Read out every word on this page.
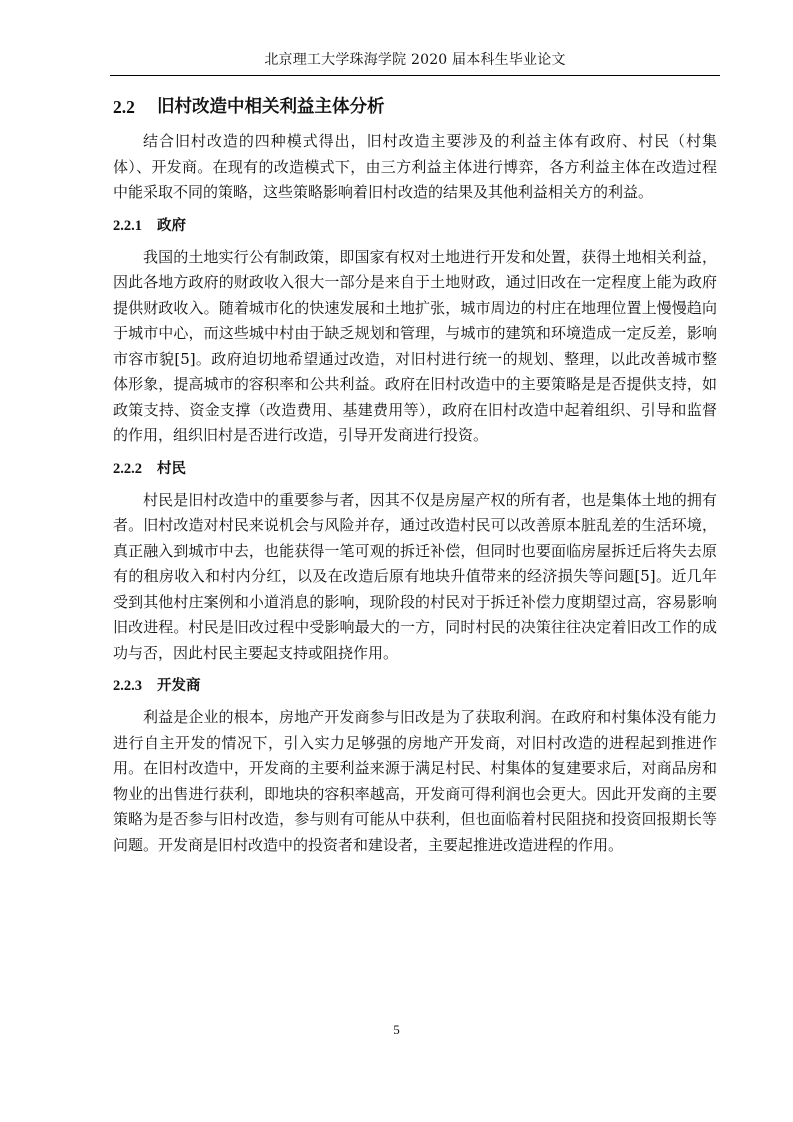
北京理工大学珠海学院 2020 届本科生毕业论文
2.2	旧村改造中相关利益主体分析

结合旧村改造的四种模式得出，旧村改造主要涉及的利益主体有政府、村民（村集体）、开发商。在现有的改造模式下，由三方利益主体进行博弈，各方利益主体在改造过程中能采取不同的策略，这些策略影响着旧村改造的结果及其他利益相关方的利益。

2.2.1	政府

我国的土地实行公有制政策，即国家有权对土地进行开发和处置，获得土地相关利益，因此各地方政府的财政收入很大一部分是来自于土地财政，通过旧改在一定程度上能为政府提供财政收入。随着城市化的快速发展和土地扩张，城市周边的村庄在地理位置上慢慢趋向于城市中心，而这些城中村由于缺乏规划和管理，与城市的建筑和环境造成一定反差，影响市容市貌[5]。政府迫切地希望通过改造，对旧村进行统一的规划、整理，以此改善城市整体形象，提高城市的容积率和公共利益。政府在旧村改造中的主要策略是是否提供支持，如政策支持、资金支撑（改造费用、基建费用等），政府在旧村改造中起着组织、引导和监督的作用，组织旧村是否进行改造，引导开发商进行投资。

2.2.2	村民

村民是旧村改造中的重要参与者，因其不仅是房屋产权的所有者，也是集体土地的拥有者。旧村改造对村民来说机会与风险并存，通过改造村民可以改善原本脏乱差的生活环境，真正融入到城市中去，也能获得一笔可观的拆迁补偿，但同时也要面临房屋拆迁后将失去原有的租房收入和村内分红，以及在改造后原有地块升值带来的经济损失等问题[5]。近几年受到其他村庄案例和小道消息的影响，现阶段的村民对于拆迁补偿力度期望过高，容易影响旧改进程。村民是旧改过程中受影响最大的一方，同时村民的决策往往决定着旧改工作的成功与否，因此村民主要起支持或阻挠作用。

2.2.3	开发商

利益是企业的根本，房地产开发商参与旧改是为了获取利润。在政府和村集体没有能力进行自主开发的情况下，引入实力足够强的房地产开发商，对旧村改造的进程起到推进作用。在旧村改造中，开发商的主要利益来源于满足村民、村集体的复建要求后，对商品房和物业的出售进行获利，即地块的容积率越高，开发商可得利润也会更大。因此开发商的主要策略为是否参与旧村改造，参与则有可能从中获利，但也面临着村民阻挠和投资回报期长等问题。开发商是旧村改造中的投资者和建设者，主要起推进改造进程的作用。

5
